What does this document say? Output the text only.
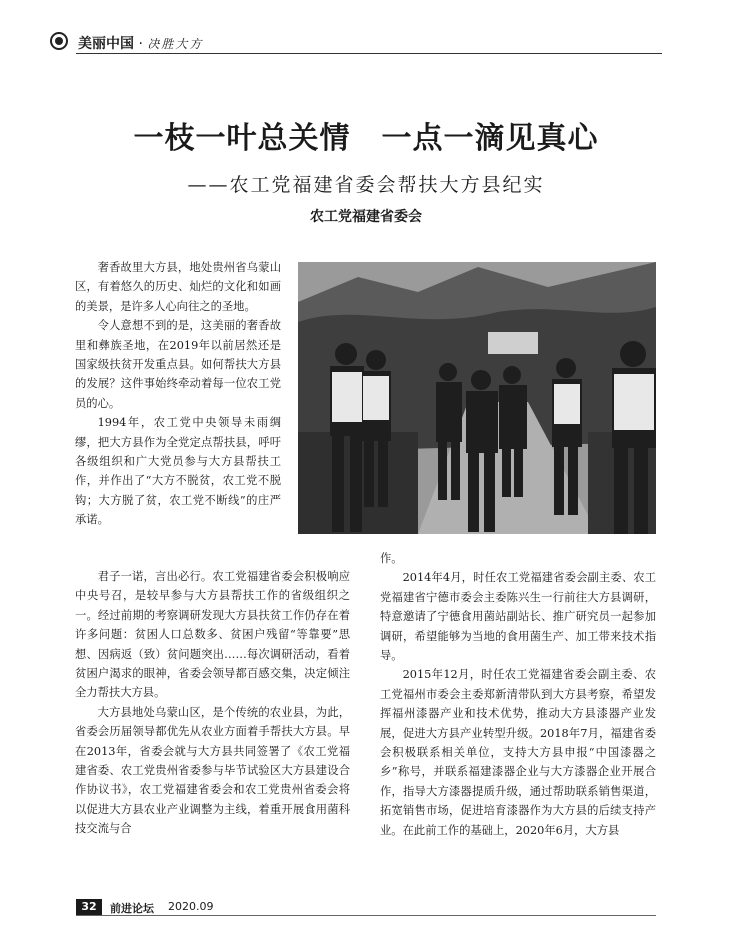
美丽中国 · 决胜大方
一枝一叶总关情　一点一滴见真心
——农工党福建省委会帮扶大方县纪实
农工党福建省委会

奢香故里大方县，地处贵州省乌蒙山区，有着悠久的历史、灿烂的文化和如画的美景，是许多人心向往之的圣地。

令人意想不到的是，这美丽的奢香故里和彝族圣地，在2019年以前居然还是国家级扶贫开发重点县。如何帮扶大方县的发展？这件事始终牵动着每一位农工党员的心。

1994年，农工党中央领导未雨绸缪，把大方县作为全党定点帮扶县，呼吁各级组织和广大党员参与大方县帮扶工作，并作出了“大方不脱贫，农工党不脱钩；大方脱了贫，农工党不断线”的庄严承诺。

君子一诺，言出必行。农工党福建省委会积极响应中央号召，是较早参与大方县帮扶工作的省级组织之一。经过前期的考察调研发现大方县扶贫工作仍存在着许多问题：贫困人口总数多、贫困户残留“等靠要”思想、因病返（致）贫问题突出……每次调研活动，看着贫困户渴求的眼神，省委会领导都百感交集，决定倾注全力帮扶大方县。

大方县地处乌蒙山区，是个传统的农业县，为此，省委会历届领导都优先从农业方面着手帮扶大方县。早在2013年，省委会就与大方县共同签署了《农工党福建省委、农工党贵州省委参与毕节试验区大方县建设合作协议书》，农工党福建省委会和农工党贵州省委会将以促进大方县农业产业调整为主线，着重开展食用菌科技交流与合

作。

2014年4月，时任农工党福建省委会副主委、农工党福建省宁德市委会主委陈兴生一行前往大方县调研，特意邀请了宁德食用菌站副站长、推广研究员一起参加调研，希望能够为当地的食用菌生产、加工带来技术指导。

2015年12月，时任农工党福建省委会副主委、农工党福州市委会主委郑新清带队到大方县考察，希望发挥福州漆器产业和技术优势，推动大方县漆器产业发展，促进大方县产业转型升级。2018年7月，福建省委会积极联系相关单位，支持大方县申报“中国漆器之乡”称号，并联系福建漆器企业与大方漆器企业开展合作，指导大方漆器提质升级，通过帮助联系销售渠道，拓宽销售市场，促进培育漆器作为大方县的后续支持产业。在此前工作的基础上，2020年6月，大方县

32	前进论坛 2020.09
